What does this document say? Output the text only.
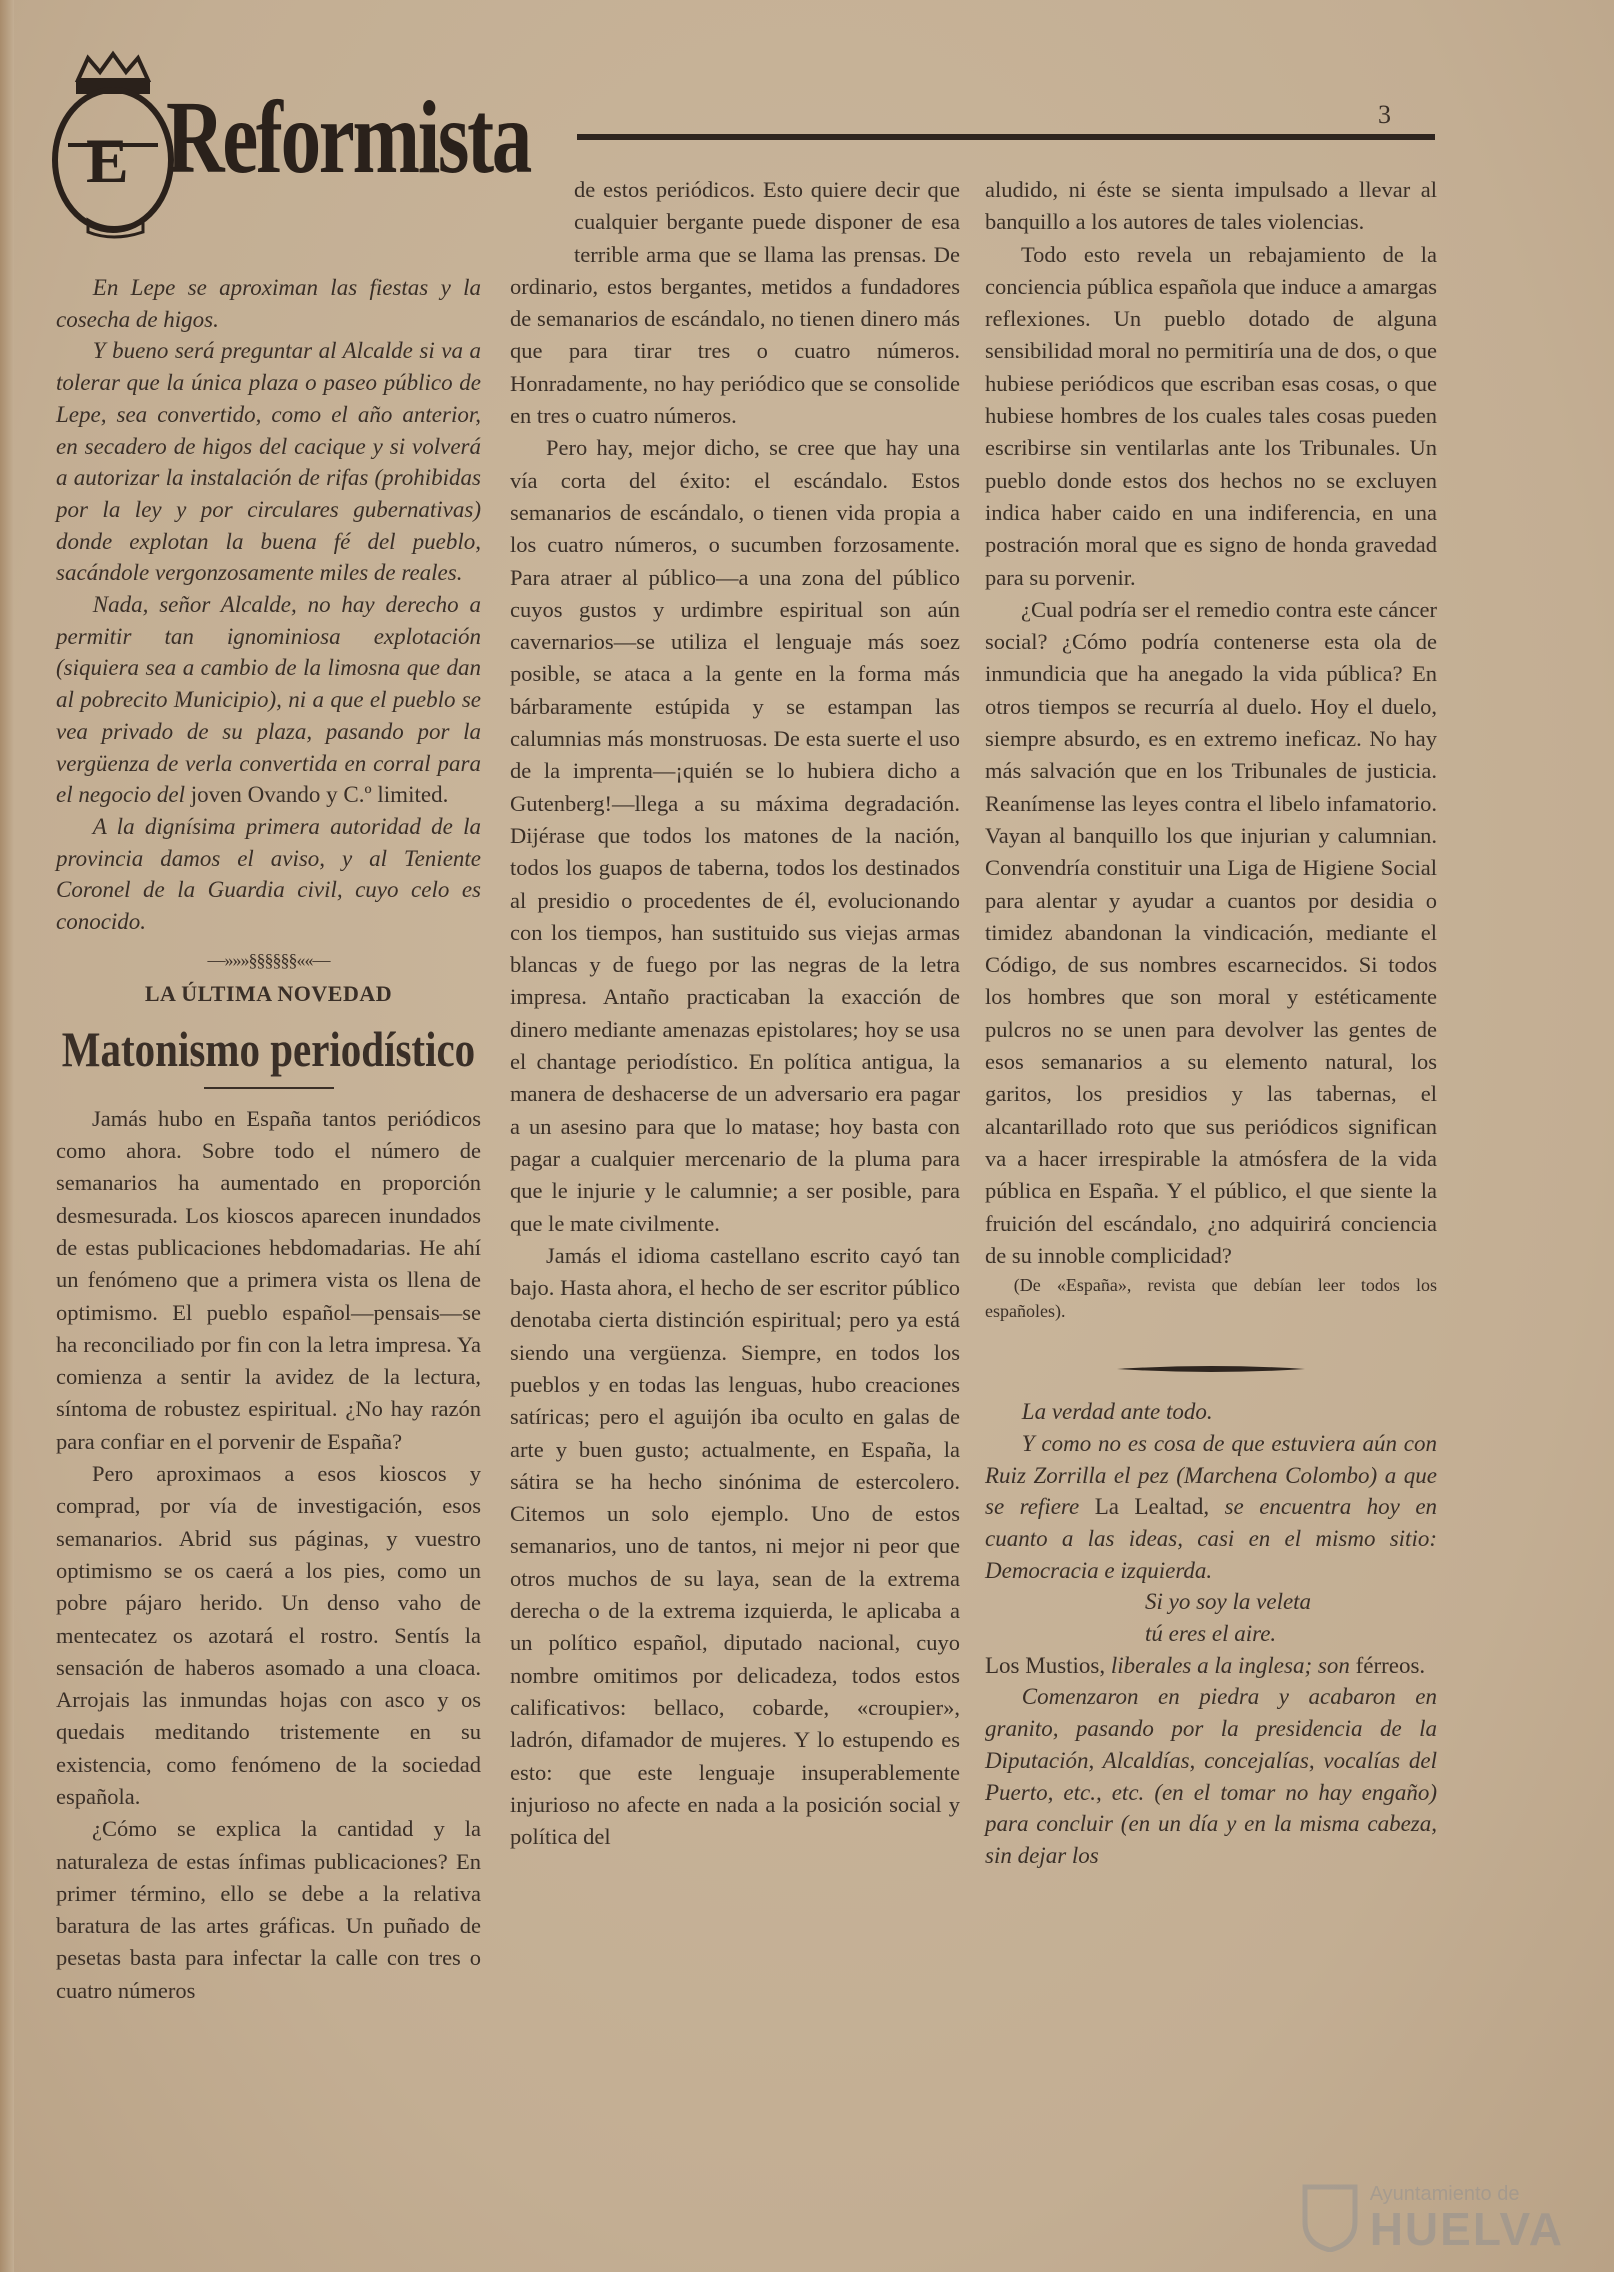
E Reformista	3

En Lepe se aproximan las fiestas y la cosecha de higos.

Y bueno será preguntar al Alcalde si va a tolerar que la única plaza o paseo público de Lepe, sea convertido, como el año anterior, en secadero de higos del cacique y si volverá a autorizar la instalación de rifas (prohibidas por la ley y por circulares gubernativas) donde explotan la buena fé del pueblo, sacándole vergonzosamente miles de reales.

Nada, señor Alcalde, no hay derecho a permitir tan ignominiosa explotación (siquiera sea a cambio de la limosna que dan al pobrecito Municipio), ni a que el pueblo se vea privado de su plaza, pasando por la vergüenza de verla convertida en corral para el negocio del joven Ovando y C.º limited.

A la dignísima primera autoridad de la provincia damos el aviso, y al Teniente Coronel de la Guardia civil, cuyo celo es conocido.

—»»»§§§§§§««—
LA ÚLTIMA NOVEDAD
Matonismo periodístico

Jamás hubo en España tantos periódicos como ahora. Sobre todo el número de semanarios ha aumentado en proporción desmesurada. Los kioscos aparecen inundados de estas publicaciones hebdomadarias. He ahí un fenómeno que a primera vista os llena de optimismo. El pueblo español—pensais—se ha reconciliado por fin con la letra impresa. Ya comienza a sentir la avidez de la lectura, síntoma de robustez espiritual. ¿No hay razón para confiar en el porvenir de España?

Pero aproximaos a esos kioscos y comprad, por vía de investigación, esos semanarios. Abrid sus páginas, y vuestro optimismo se os caerá a los pies, como un pobre pájaro herido. Un denso vaho de mentecatez os azotará el rostro. Sentís la sensación de haberos asomado a una cloaca. Arrojais las inmundas hojas con asco y os quedais meditando tristemente en su existencia, como fenómeno de la sociedad española.

¿Cómo se explica la cantidad y la naturaleza de estas ínfimas publicaciones? En primer término, ello se debe a la relativa baratura de las artes gráficas. Un puñado de pesetas basta para infectar la calle con tres o cuatro números

de estos periódicos. Esto quiere decir que cualquier bergante puede disponer de esa terrible arma que se llama las prensas. De ordinario, estos bergantes, metidos a fundadores de semanarios de escándalo, no tienen dinero más que para tirar tres o cuatro números. Honradamente, no hay periódico que se consolide en tres o cuatro números.

Pero hay, mejor dicho, se cree que hay una vía corta del éxito: el escándalo. Estos semanarios de escándalo, o tienen vida propia a los cuatro números, o sucumben forzosamente. Para atraer al público—a una zona del público cuyos gustos y urdimbre espiritual son aún cavernarios—se utiliza el lenguaje más soez posible, se ataca a la gente en la forma más bárbaramente estúpida y se estampan las calumnias más monstruosas. De esta suerte el uso de la imprenta—¡quién se lo hubiera dicho a Gutenberg!—llega a su máxima degradación. Dijérase que todos los matones de la nación, todos los guapos de taberna, todos los destinados al presidio o procedentes de él, evolucionando con los tiempos, han sustituido sus viejas armas blancas y de fuego por las negras de la letra impresa. Antaño practicaban la exacción de dinero mediante amenazas epistolares; hoy se usa el chantage periodístico. En política antigua, la manera de deshacerse de un adversario era pagar a un asesino para que lo matase; hoy basta con pagar a cualquier mercenario de la pluma para que le injurie y le calumnie; a ser posible, para que le mate civilmente.

Jamás el idioma castellano escrito cayó tan bajo. Hasta ahora, el hecho de ser escritor público denotaba cierta distinción espiritual; pero ya está siendo una vergüenza. Siempre, en todos los pueblos y en todas las lenguas, hubo creaciones satíricas; pero el aguijón iba oculto en galas de arte y buen gusto; actualmente, en España, la sátira se ha hecho sinónima de estercolero. Citemos un solo ejemplo. Uno de estos semanarios, uno de tantos, ni mejor ni peor que otros muchos de su laya, sean de la extrema derecha o de la extrema izquierda, le aplicaba a un político español, diputado nacional, cuyo nombre omitimos por delicadeza, todos estos calificativos: bellaco, cobarde, «croupier», ladrón, difamador de mujeres. Y lo estupendo es esto: que este lenguaje insuperablemente injurioso no afecte en nada a la posición social y política del

aludido, ni éste se sienta impulsado a llevar al banquillo a los autores de tales violencias.

Todo esto revela un rebajamiento de la conciencia pública española que induce a amargas reflexiones. Un pueblo dotado de alguna sensibilidad moral no permitiría una de dos, o que hubiese periódicos que escriban esas cosas, o que hubiese hombres de los cuales tales cosas pueden escribirse sin ventilarlas ante los Tribunales. Un pueblo donde estos dos hechos no se excluyen indica haber caido en una indiferencia, en una postración moral que es signo de honda gravedad para su porvenir.

¿Cual podría ser el remedio contra este cáncer social? ¿Cómo podría contenerse esta ola de inmundicia que ha anegado la vida pública? En otros tiempos se recurría al duelo. Hoy el duelo, siempre absurdo, es en extremo ineficaz. No hay más salvación que en los Tribunales de justicia. Reanímense las leyes contra el libelo infamatorio. Vayan al banquillo los que injurian y calumnian. Convendría constituir una Liga de Higiene Social para alentar y ayudar a cuantos por desidia o timidez abandonan la vindicación, mediante el Código, de sus nombres escarnecidos. Si todos los hombres que son moral y estéticamente pulcros no se unen para devolver las gentes de esos semanarios a su elemento natural, los garitos, los presidios y las tabernas, el alcantarillado roto que sus periódicos significan va a hacer irrespirable la atmósfera de la vida pública en España. Y el público, el que siente la fruición del escándalo, ¿no adquirirá conciencia de su innoble complicidad?

(De «España», revista que debían leer todos los españoles).

La verdad ante todo.

Y como no es cosa de que estuviera aún con Ruiz Zorrilla el pez (Marchena Colombo) a que se refiere La Lealtad, se encuentra hoy en cuanto a las ideas, casi en el mismo sitio: Democracia e izquierda.

Si yo soy la veleta

tú eres el aire.

Los Mustios, liberales a la inglesa; son férreos.

Comenzaron en piedra y acabaron en granito, pasando por la presidencia de la Diputación, Alcaldías, concejalías, vocalías del Puerto, etc., etc. (en el tomar no hay engaño) para concluir (en un día y en la misma cabeza, sin dejar los

Ayuntamiento de
HUELVA
